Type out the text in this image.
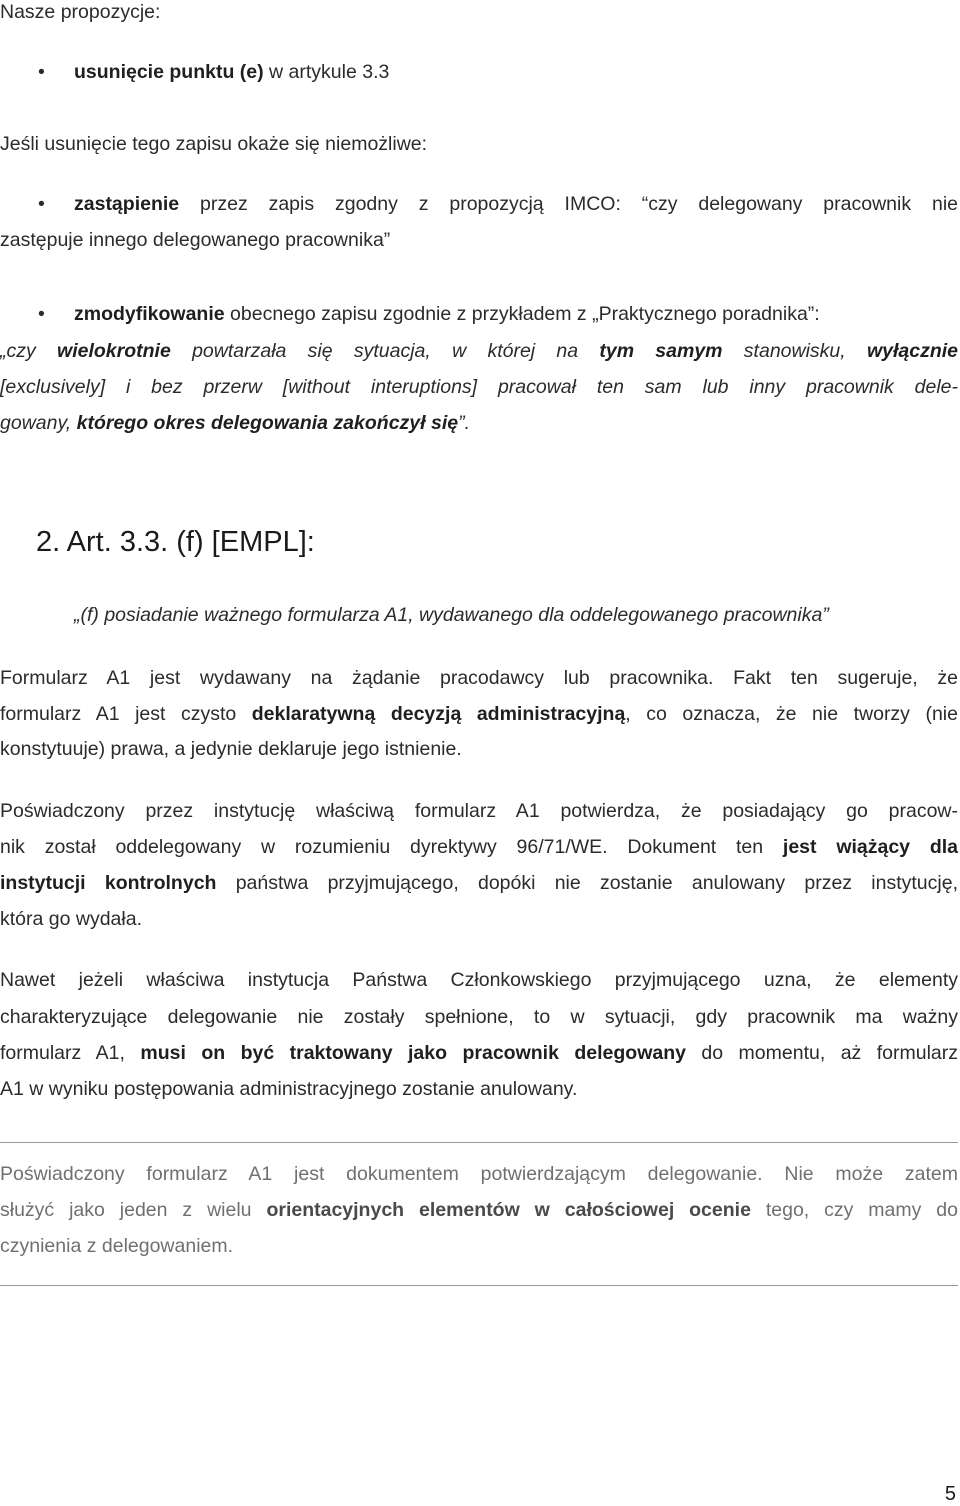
Nasze propozycje:
• usunięcie punktu (e) w artykule 3.3
Jeśli usunięcie tego zapisu okaże się niemożliwe:
• zastąpienie przez zapis zgodny z propozycją IMCO: “czy delegowany pracownik nie
zastępuje innego delegowanego pracownika”
• zmodyfikowanie obecnego zapisu zgodnie z przykładem z „Praktycznego poradnika”:
„czy wielokrotnie powtarzała się sytuacja, w której na tym samym stanowisku, wyłącznie
[exclusively] i bez przerw [without interuptions] pracował ten sam lub inny pracownik dele-
gowany, którego okres delegowania zakończył się”.
2. Art. 3.3. (f) [EMPL]:
„(f) posiadanie ważnego formularza A1, wydawanego dla oddelegowanego pracownika”
Formularz A1 jest wydawany na żądanie pracodawcy lub pracownika. Fakt ten sugeruje, że
formularz A1 jest czysto deklaratywną decyzją administracyjną, co oznacza, że nie tworzy (nie
konstytuuje) prawa, a jedynie deklaruje jego istnienie.
Poświadczony przez instytucję właściwą formularz A1 potwierdza, że posiadający go pracow-
nik został oddelegowany w rozumieniu dyrektywy 96/71/WE. Dokument ten jest wiążący dla
instytucji kontrolnych państwa przyjmującego, dopóki nie zostanie anulowany przez instytucję,
która go wydała.
Nawet jeżeli właściwa instytucja Państwa Członkowskiego przyjmującego uzna, że elementy
charakteryzujące delegowanie nie zostały spełnione, to w sytuacji, gdy pracownik ma ważny
formularz A1, musi on być traktowany jako pracownik delegowany do momentu, aż formularz
A1 w wyniku postępowania administracyjnego zostanie anulowany.
Poświadczony formularz A1 jest dokumentem potwierdzającym delegowanie. Nie może zatem
służyć jako jeden z wielu orientacyjnych elementów w całościowej ocenie tego, czy mamy do
czynienia z delegowaniem.
5
